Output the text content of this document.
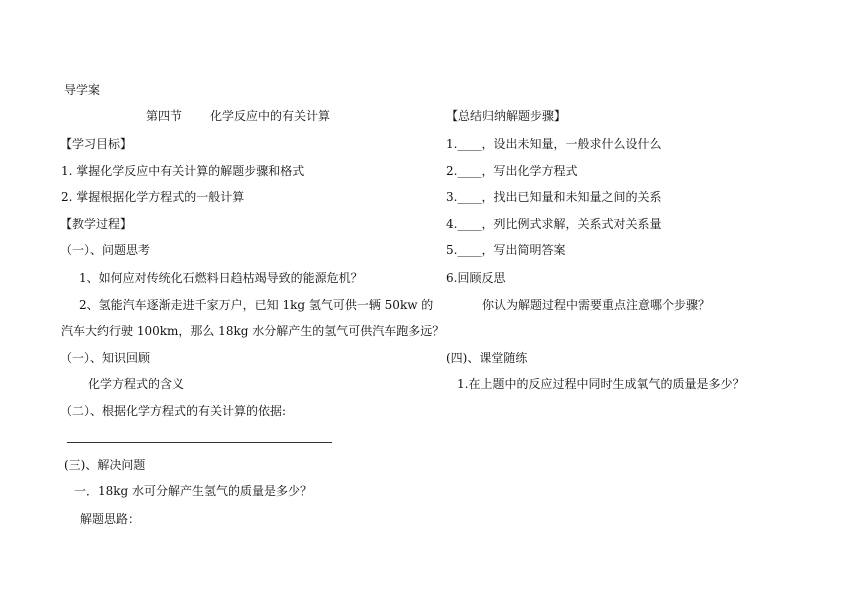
导学案
第四节 化学反应中的有关计算
【学习目标】
1. 掌握化学反应中有关计算的解题步骤和格式
2. 掌握根据化学方程式的一般计算
【教学过程】
（一）、问题思考
1、如何应对传统化石燃料日趋枯竭导致的能源危机？
2、氢能汽车逐渐走进千家万户，已知 1kg 氢气可供一辆 50kw 的
汽车大约行驶 100km，那么 18kg 水分解产生的氢气可供汽车跑多远？
（一）、知识回顾
化学方程式的含义
（二）、根据化学方程式的有关计算的依据:
(三)、解决问题
一．18kg 水可分解产生氢气的质量是多少？
解题思路：
【总结归纳解题步骤】
1.____，设出未知量，一般求什么设什么
2.____，写出化学方程式
3.____，找出已知量和未知量之间的关系
4.____，列比例式求解，关系式对关系量
5.____，写出简明答案
6.回顾反思
你认为解题过程中需要重点注意哪个步骤？
(四)、课堂随练
1.在上题中的反应过程中同时生成氧气的质量是多少？
